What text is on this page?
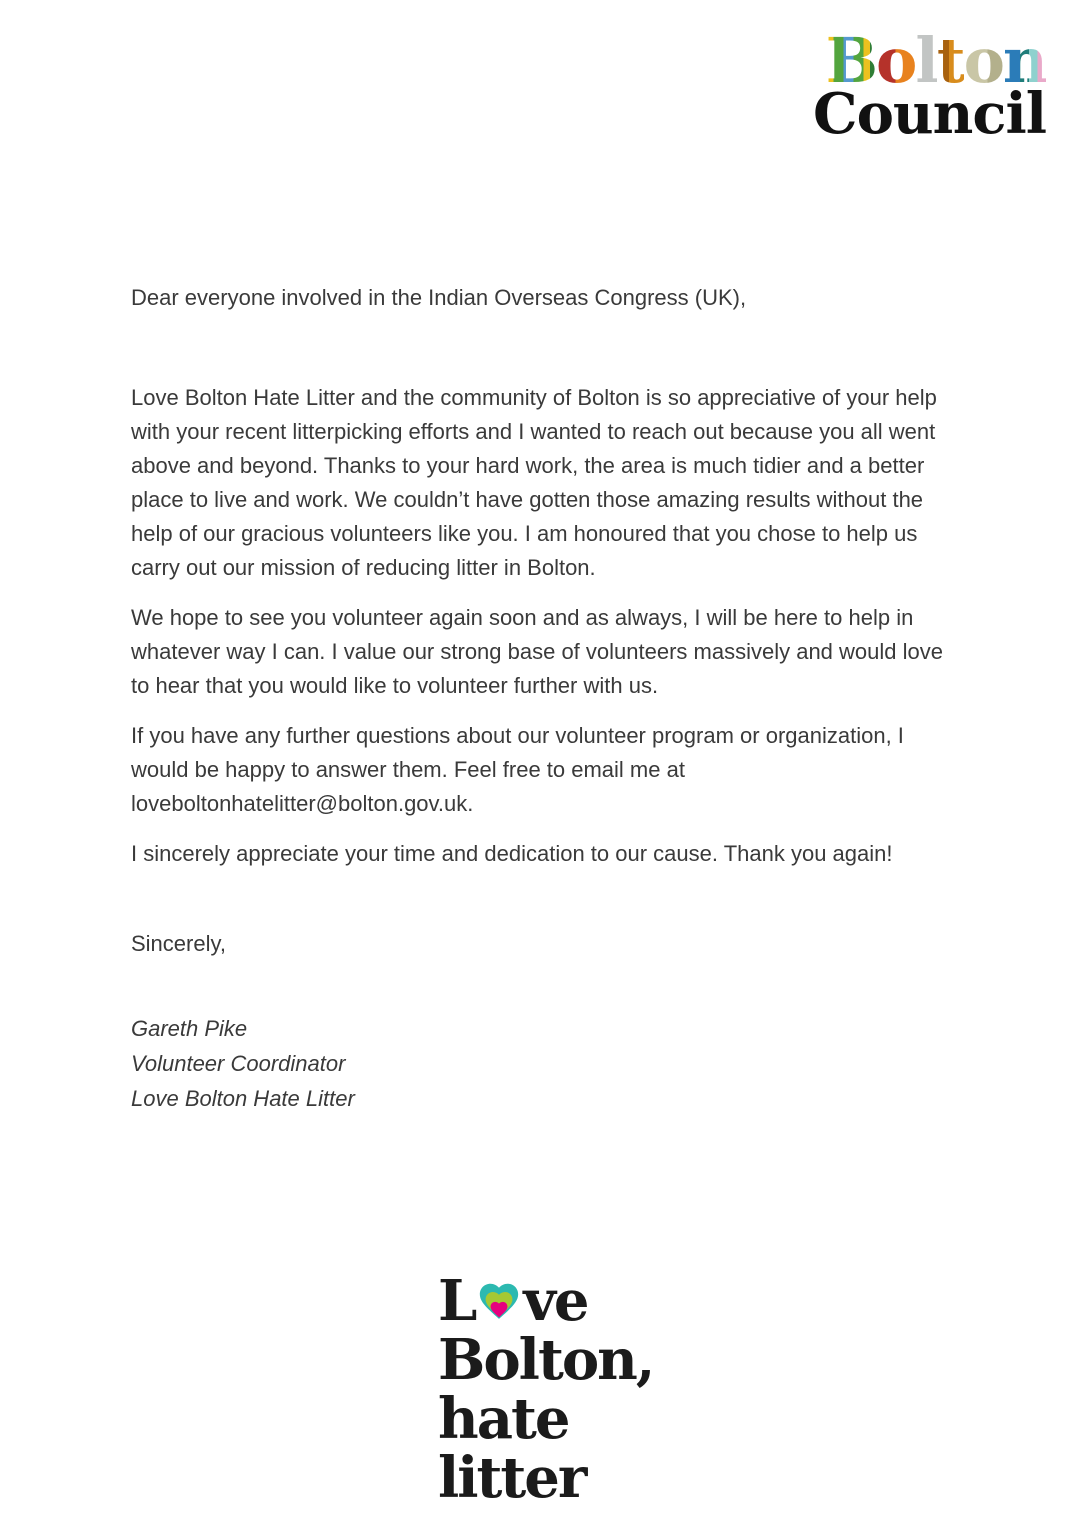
Bolton
Council

Dear everyone involved in the Indian Overseas Congress (UK),

Love Bolton Hate Litter and the community of Bolton is so appreciative of your help with your recent litterpicking efforts and I wanted to reach out because you all went above and beyond. Thanks to your hard work, the area is much tidier and a better place to live and work. We couldn’t have gotten those amazing results without the help of our gracious volunteers like you. I am honoured that you chose to help us carry out our mission of reducing litter in Bolton.

We hope to see you volunteer again soon and as always, I will be here to help in whatever way I can. I value our strong base of volunteers massively and would love to hear that you would like to volunteer further with us.

If you have any further questions about our volunteer program or organization, I would be happy to answer them. Feel free to email me at loveboltonhatelitter@bolton.gov.uk.

I sincerely appreciate your time and dedication to our cause. Thank you again!

Sincerely,

Gareth Pike

Volunteer Coordinator

Love Bolton Hate Litter

L ve
Bolton,
hate
litter
